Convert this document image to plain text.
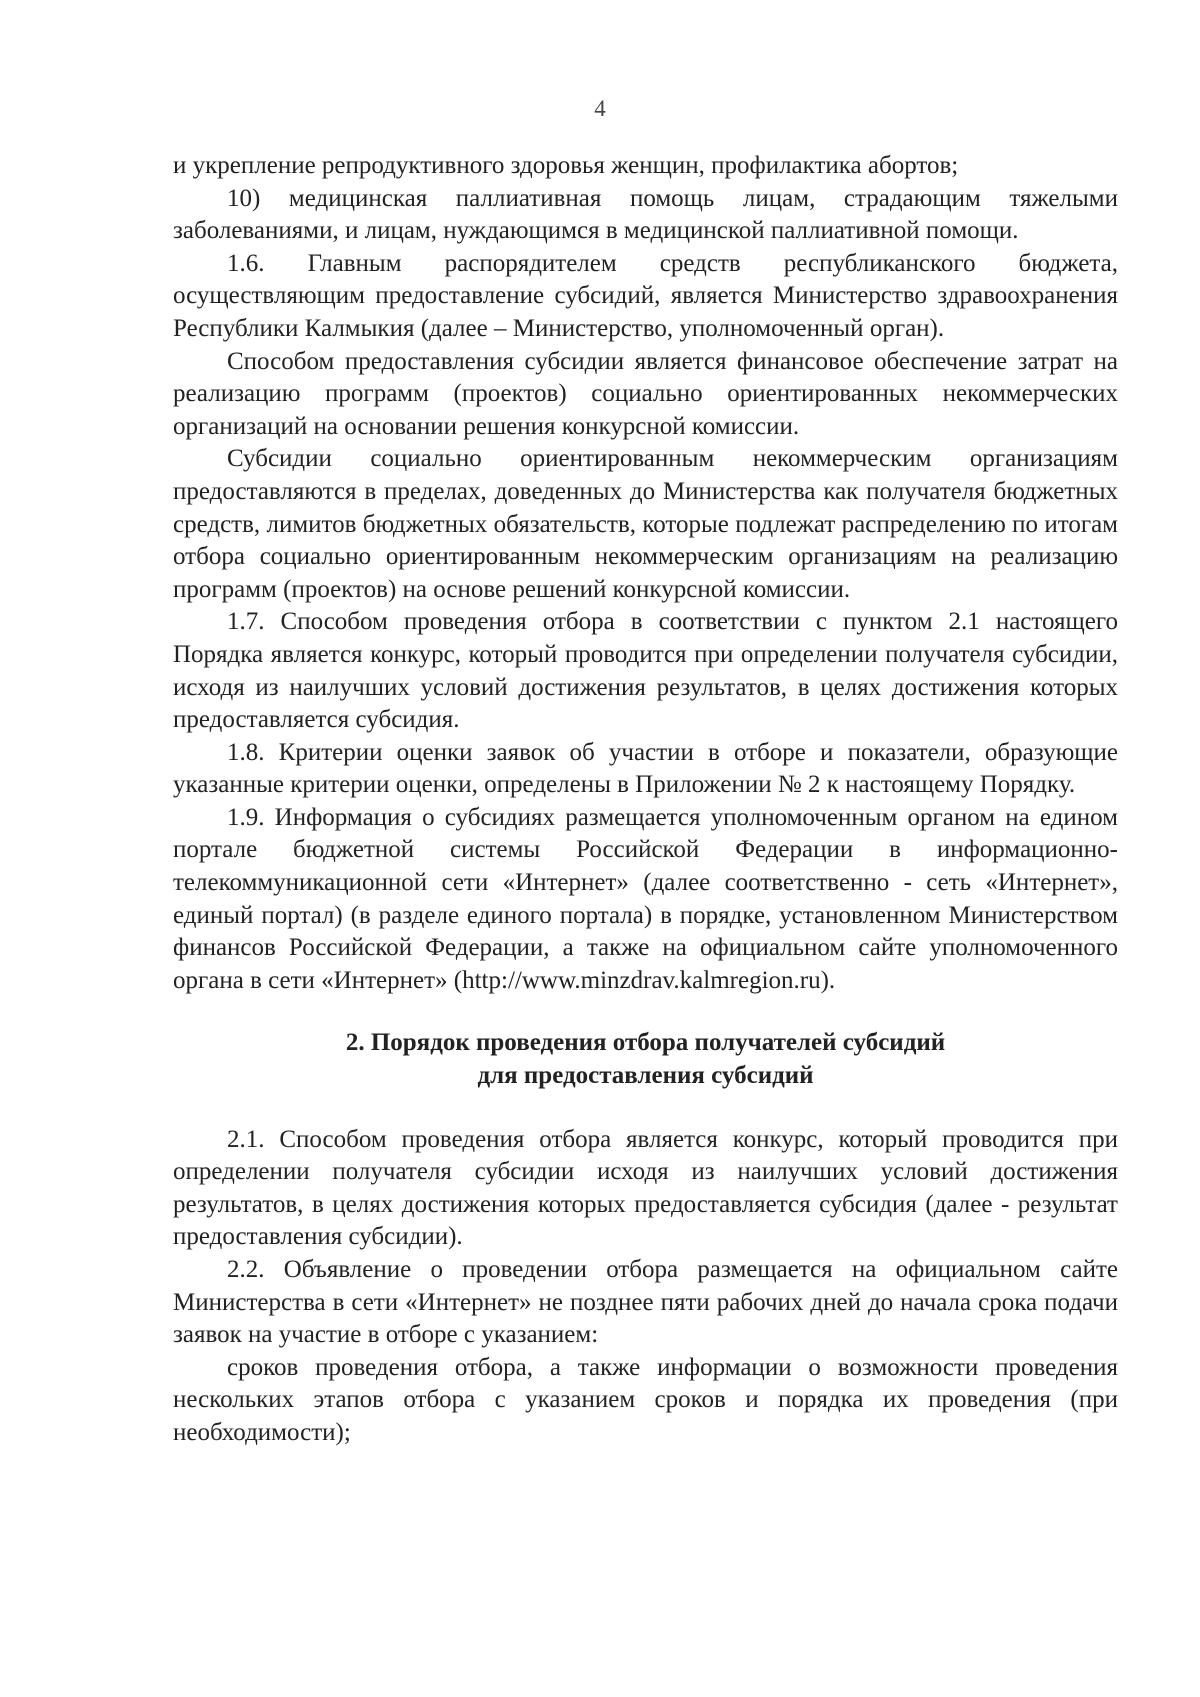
4

и укрепление репродуктивного здоровья женщин, профилактика абортов;

10) медицинская паллиативная помощь лицам, страдающим тяжелыми заболеваниями, и лицам, нуждающимся в медицинской паллиативной помощи.

1.6. Главным распорядителем средств республиканского бюджета, осуществляющим предоставление субсидий, является Министерство здравоохранения Республики Калмыкия (далее – Министерство, уполномоченный орган).

Способом предоставления субсидии является финансовое обеспечение затрат на реализацию программ (проектов) социально ориентированных некоммерческих организаций на основании решения конкурсной комиссии.

Субсидии социально ориентированным некоммерческим организациям предоставляются в пределах, доведенных до Министерства как получателя бюджетных средств, лимитов бюджетных обязательств, которые подлежат распределению по итогам отбора социально ориентированным некоммерческим организациям на реализацию программ (проектов) на основе решений конкурсной комиссии.

1.7. Способом проведения отбора в соответствии с пунктом 2.1 настоящего Порядка является конкурс, который проводится при определении получателя субсидии, исходя из наилучших условий достижения результатов, в целях достижения которых предоставляется субсидия.

1.8. Критерии оценки заявок об участии в отборе и показатели, образующие указанные критерии оценки, определены в Приложении № 2 к настоящему Порядку.

1.9. Информация о субсидиях размещается уполномоченным органом на едином портале бюджетной системы Российской Федерации в информационно-телекоммуникационной сети «Интернет» (далее соответственно - сеть «Интернет», единый портал) (в разделе единого портала) в порядке, установленном Министерством финансов Российской Федерации, а также на официальном сайте уполномоченного органа в сети «Интернет» (http://www.minzdrav.kalmregion.ru).

2. Порядок проведения отбора получателей субсидий
для предоставления субсидий

2.1. Способом проведения отбора является конкурс, который проводится при определении получателя субсидии исходя из наилучших условий достижения результатов, в целях достижения которых предоставляется субсидия (далее - результат предоставления субсидии).

2.2. Объявление о проведении отбора размещается на официальном сайте Министерства в сети «Интернет» не позднее пяти рабочих дней до начала срока подачи заявок на участие в отборе с указанием:

сроков проведения отбора, а также информации о возможности проведения нескольких этапов отбора с указанием сроков и порядка их проведения (при необходимости);
